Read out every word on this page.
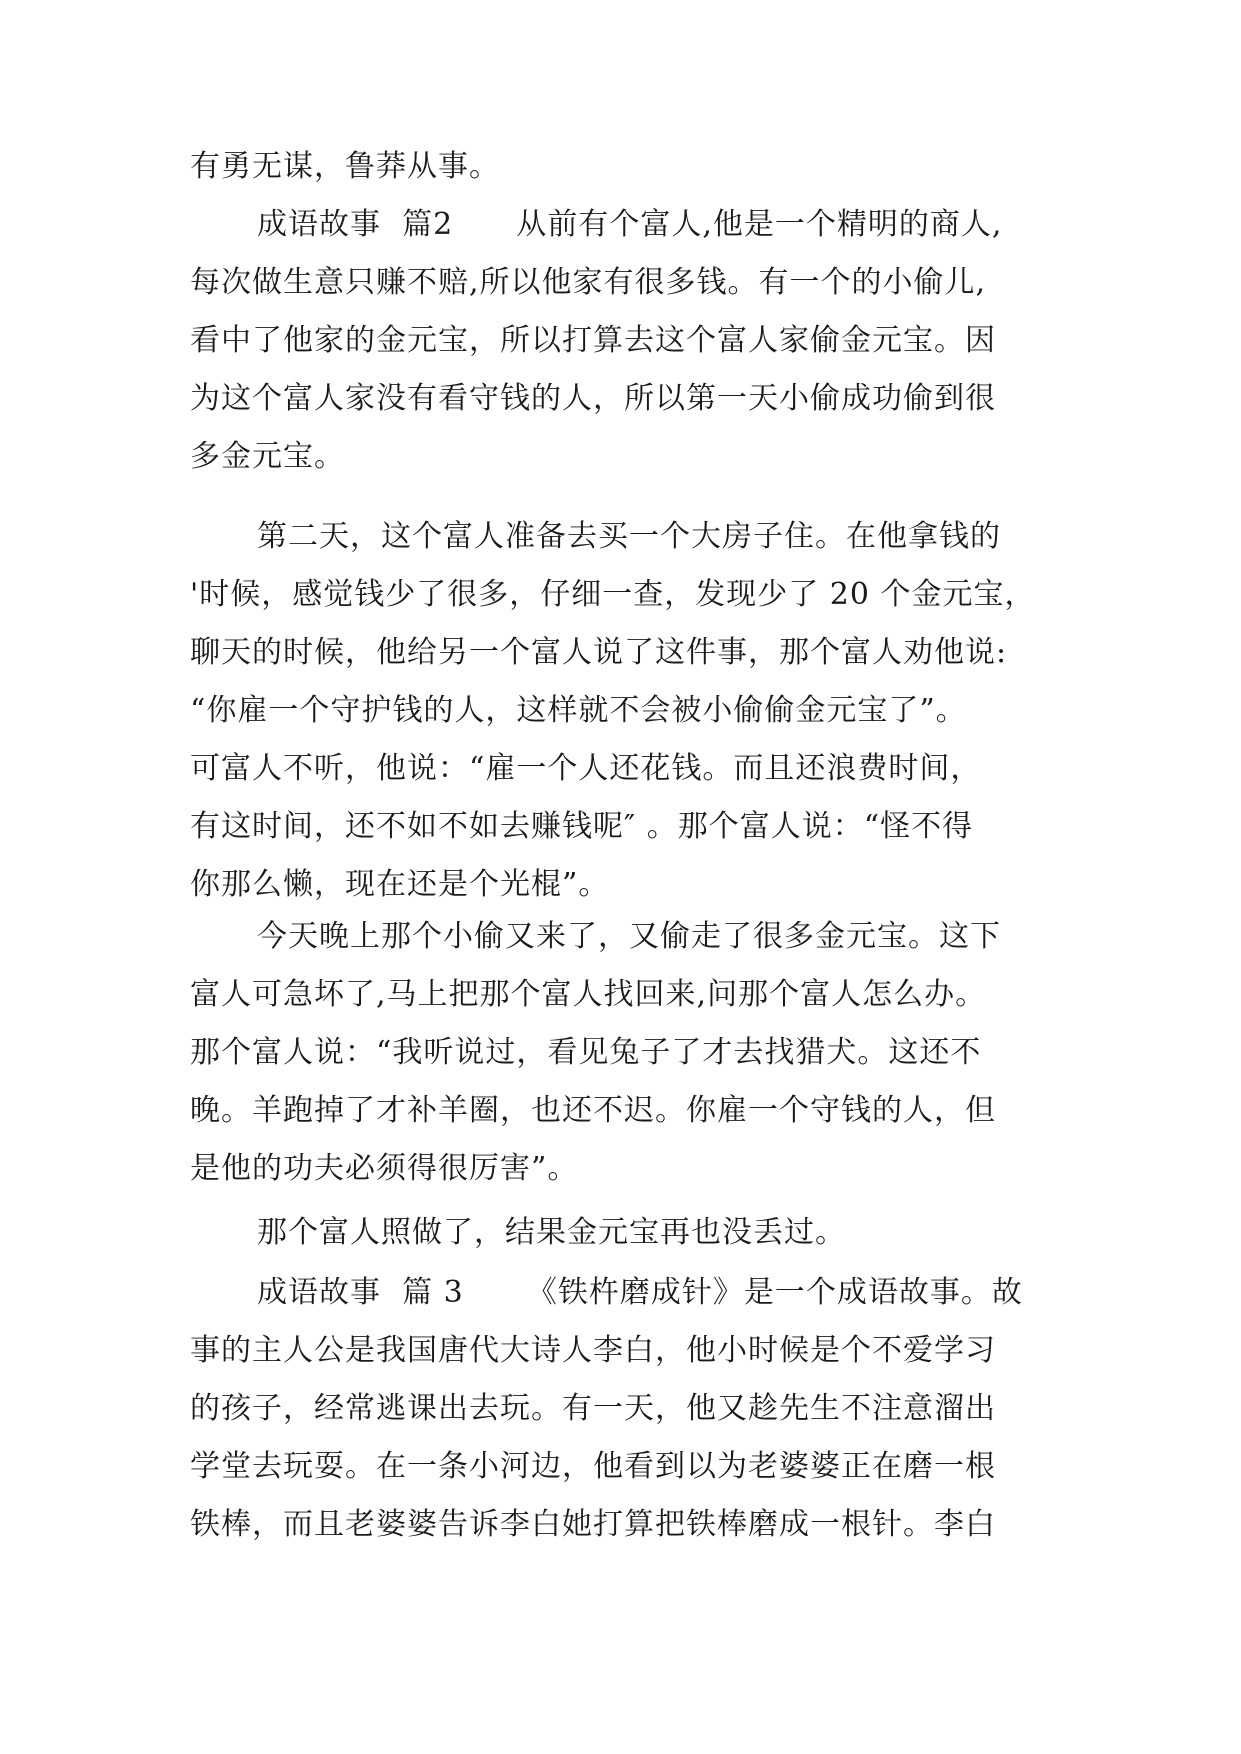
有勇无谋，鲁莽从事。

成语故事  篇2      从前有个富人,他是一个精明的商人,

每次做生意只赚不赔,所以他家有很多钱。有一个的小偷儿,

看中了他家的金元宝，所以打算去这个富人家偷金元宝。因

为这个富人家没有看守钱的人，所以第一天小偷成功偷到很

多金元宝。

第二天，这个富人准备去买一个大房子住。在他拿钱的

'时候，感觉钱少了很多，仔细一查，发现少了 20 个金元宝，

聊天的时候，他给另一个富人说了这件事，那个富人劝他说:

“你雇一个守护钱的人，这样就不会被小偷偷金元宝了”。

可富人不听，他说：“雇一个人还花钱。而且还浪费时间，

有这时间，还不如不如去赚钱呢″ 。那个富人说：“怪不得

你那么懒，现在还是个光棍”。

今天晚上那个小偷又来了，又偷走了很多金元宝。这下

富人可急坏了,马上把那个富人找回来,问那个富人怎么办。

那个富人说：“我听说过，看见兔子了才去找猎犬。这还不

晚。羊跑掉了才补羊圈，也还不迟。你雇一个守钱的人，但

是他的功夫必须得很厉害”。

那个富人照做了，结果金元宝再也没丢过。

成语故事  篇 3      《铁杵磨成针》是一个成语故事。故

事的主人公是我国唐代大诗人李白，他小时候是个不爱学习

的孩子，经常逃课出去玩。有一天，他又趁先生不注意溜出

学堂去玩耍。在一条小河边，他看到以为老婆婆正在磨一根

铁棒，而且老婆婆告诉李白她打算把铁棒磨成一根针。李白
